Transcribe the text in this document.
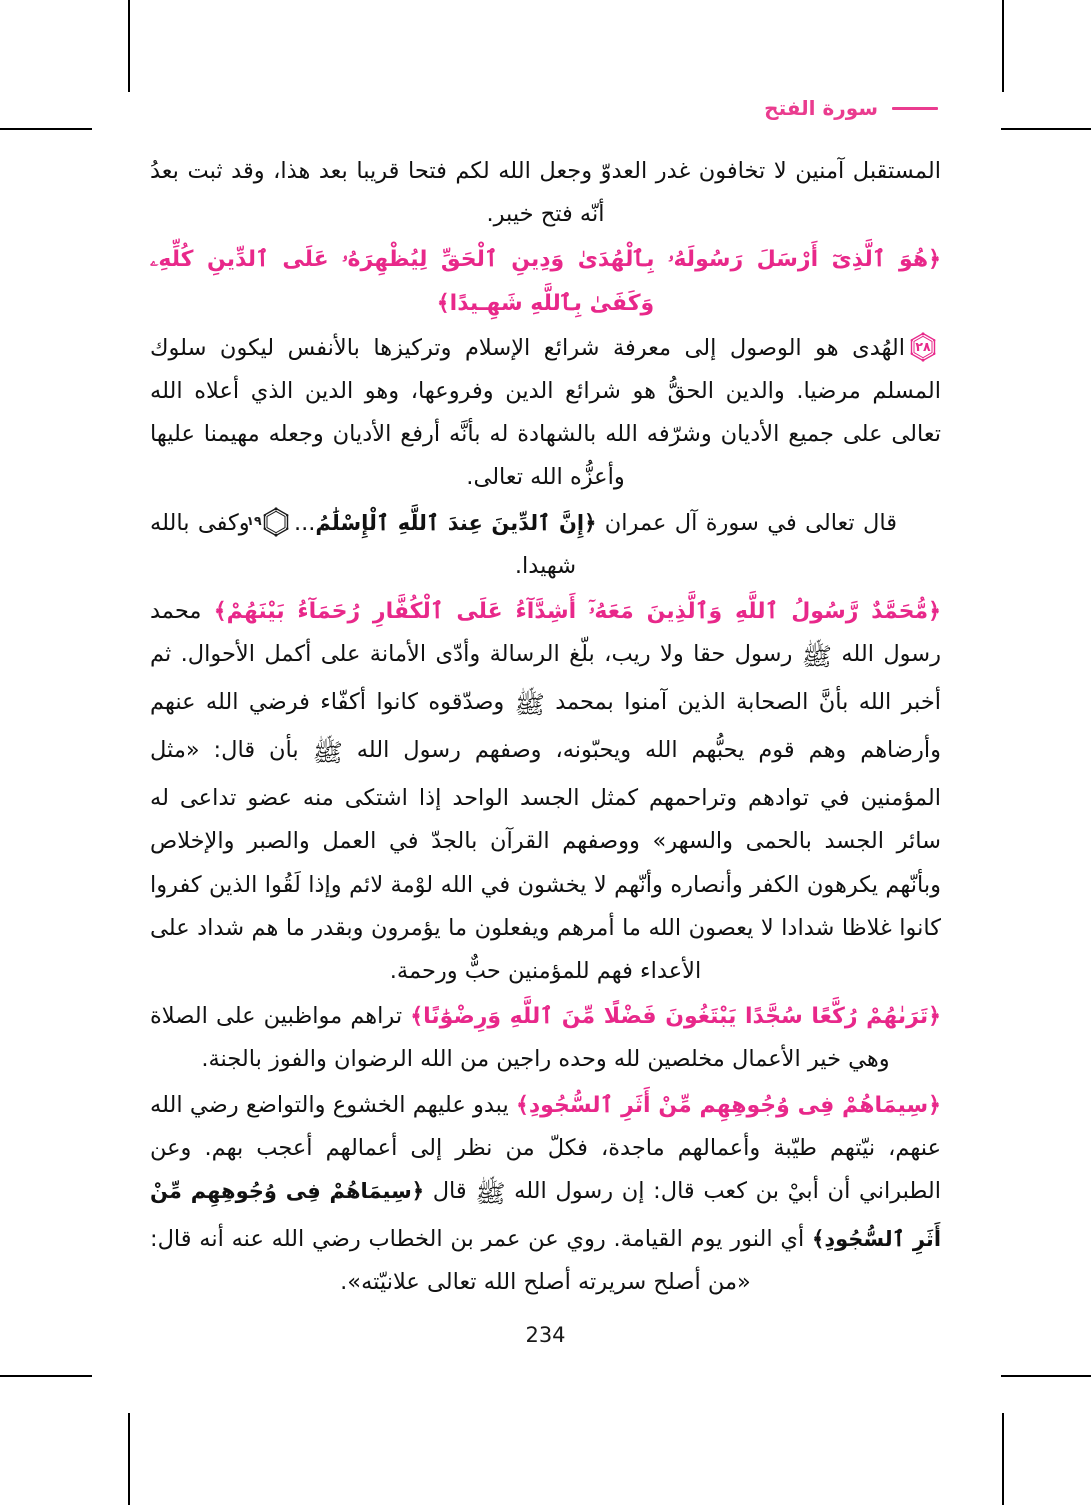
سورة الفتح

المستقبل آمنين لا تخافون غدر العدوّ وجعل الله لكم فتحا قريبا بعد هذا، وقد ثبت بعدُ أنّه فتح خيبر.

﴿هُوَ ٱلَّذِىٓ أَرْسَلَ رَسُولَهُۥ بِٱلْهُدَىٰ وَدِينِ ٱلْحَقِّ لِيُظْهِرَهُۥ عَلَى ٱلدِّينِ كُلِّهِۦ وَكَفَىٰ بِٱللَّهِ شَهِـيدًا﴾

٢٨
الهُدى هو الوصول إلى معرفة شرائع الإسلام وتركيزها بالأنفس ليكون سلوك المسلم مرضيا. والدين الحقُّ هو شرائع الدين وفروعها، وهو الدين الذي أعلاه الله تعالى على جميع الأديان وشرّفه الله بالشهادة له بأنَّه أرفع الأديان وجعله مهيمنا عليها وأعزُّه الله تعالى.

قال تعالى في سورة آل عمران ﴿إِنَّ ٱلدِّينَ عِندَ ٱللَّهِ ٱلْإِسْلَٰمُ...
١٩
وكفى بالله شهيدا.

﴿مُّحَمَّدٌ رَّسُولُ ٱللَّهِ وَٱلَّذِينَ مَعَهُۥٓ أَشِدَّآءُ عَلَى ٱلْكُفَّارِ رُحَمَآءُ بَيْنَهُمْ﴾ محمد رسول الله ﷺ رسول حقا ولا ريب، بلّغ الرسالة وأدّى الأمانة على أكمل الأحوال. ثم أخبر الله بأنَّ الصحابة الذين آمنوا بمحمد ﷺ وصدّقوه كانوا أكفّاء فرضي الله عنهم وأرضاهم وهم قوم يحبُّهم الله ويحبّونه، وصفهم رسول الله ﷺ بأن قال: «مثل المؤمنين في توادهم وتراحمهم كمثل الجسد الواحد إذا اشتكى منه عضو تداعى له سائر الجسد بالحمى والسهر» ووصفهم القرآن بالجدّ في العمل والصبر والإخلاص وبأنّهم يكرهون الكفر وأنصاره وأنّهم لا يخشون في الله لوْمة لائم وإذا لَقُوا الذين كفروا كانوا غلاظا شدادا لا يعصون الله ما أمرهم ويفعلون ما يؤمرون وبقدر ما هم شداد على الأعداء فهم للمؤمنين حبٌّ ورحمة.

﴿تَرَىٰهُمْ رُكَّعًا سُجَّدًا يَبْتَغُونَ فَضْلًا مِّنَ ٱللَّهِ وَرِضْوَٰنًا﴾ تراهم مواظبين على الصلاة وهي خير الأعمال مخلصين لله وحده راجين من الله الرضوان والفوز بالجنة.

﴿سِيمَاهُمْ فِى وُجُوهِهِم مِّنْ أَثَرِ ٱلسُّجُودِ﴾ يبدو عليهم الخشوع والتواضع رضي الله عنهم، نيّتهم طيّبة وأعمالهم ماجدة، فكلّ من نظر إلى أعمالهم أعجب بهم. وعن الطبراني أن أبيْ بن كعب قال: إن رسول الله ﷺ قال ﴿سِيمَاهُمْ فِى وُجُوهِهِم مِّنْ أَثَرِ ٱلسُّجُودِ﴾ أي النور يوم القيامة. روي عن عمر بن الخطاب رضي الله عنه أنه قال: «من أصلح سريرته أصلح الله تعالى علانيّته».

234
